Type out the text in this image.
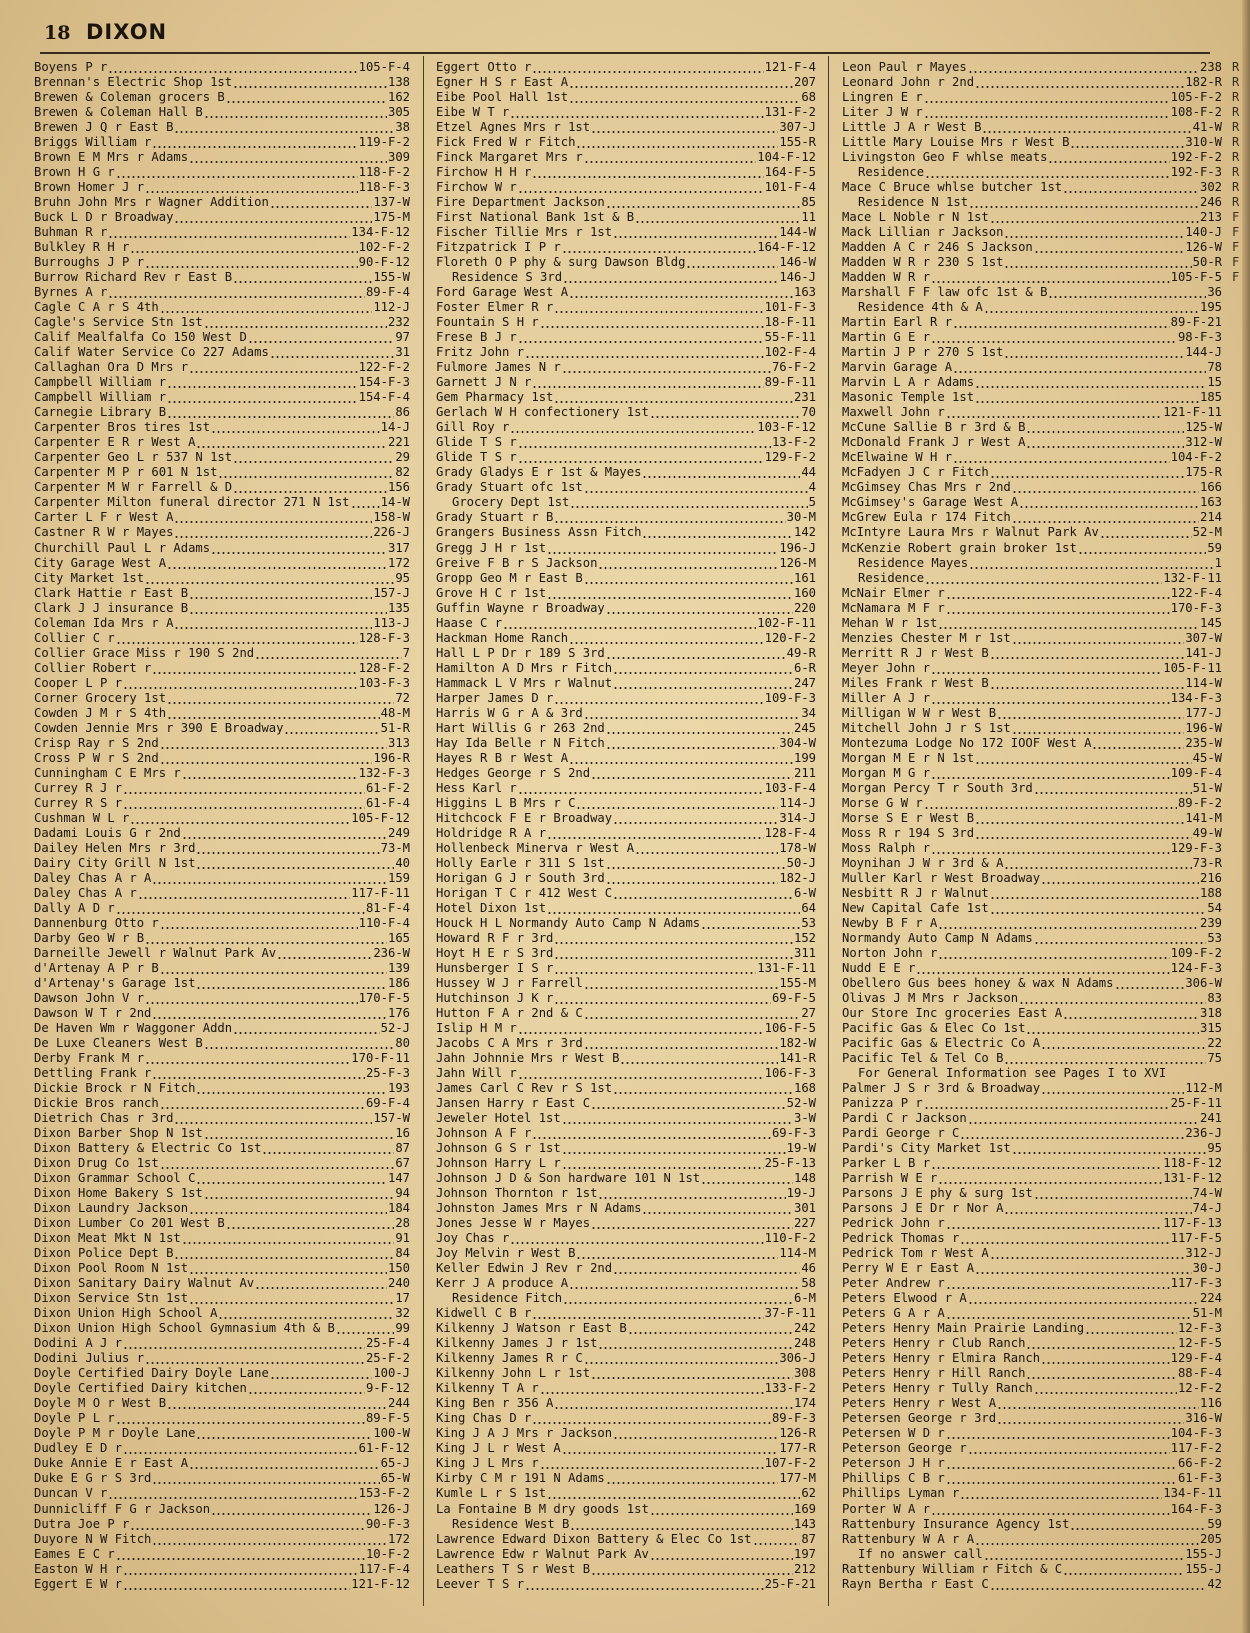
18 DIXON
Boyens P r	105-F-4
Brennan's Electric Shop 1st	138
Brewen & Coleman grocers B	162
Brewen & Coleman Hall B	305
Brewen J Q r East B	38
Briggs William r	119-F-2
Brown E M Mrs r Adams	309
Brown H G r	118-F-2
Brown Homer J r	118-F-3
Bruhn John Mrs r Wagner Addition	137-W
Buck L D r Broadway	175-M
Buhman R r	134-F-12
Bulkley R H r	102-F-2
Burroughs J P r	90-F-12
Burrow Richard Rev r East B	155-W
Byrnes A r	89-F-4
Cagle C A r S 4th	112-J
Cagle's Service Stn 1st	232
Calif Mealfalfa Co 150 West D	97
Calif Water Service Co 227 Adams	31
Callaghan Ora D Mrs r	122-F-2
Campbell William r	154-F-3
Campbell William r	154-F-4
Carnegie Library B	86
Carpenter Bros tires 1st	14-J
Carpenter E R r West A	221
Carpenter Geo L r 537 N 1st	29
Carpenter M P r 601 N 1st	82
Carpenter M W r Farrell & D	156
Carpenter Milton funeral director 271 N 1st	14-W
Carter L F r West A	158-W
Castner R W r Mayes	226-J
Churchill Paul L r Adams	317
City Garage West A	172
City Market 1st	95
Clark Hattie r East B	157-J
Clark J J insurance B	135
Coleman Ida Mrs r A	113-J
Collier C r	128-F-3
Collier Grace Miss r 190 S 2nd	7
Collier Robert r	128-F-2
Cooper L P r	103-F-3
Corner Grocery 1st	72
Cowden J M r S 4th	48-M
Cowden Jennie Mrs r 390 E Broadway	51-R
Crisp Ray r S 2nd	313
Cross P W r S 2nd	196-R
Cunningham C E Mrs r	132-F-3
Currey R J r	61-F-2
Currey R S r	61-F-4
Cushman W L r	105-F-12
Dadami Louis G r 2nd	249
Dailey Helen Mrs r 3rd	73-M
Dairy City Grill N 1st	40
Daley Chas A r A	159
Daley Chas A r	117-F-11
Dally A D r	81-F-4
Dannenburg Otto r	110-F-4
Darby Geo W r B	165
Darneille Jewell r Walnut Park Av	236-W
d'Artenay A P r B	139
d'Artenay's Garage 1st	186
Dawson John V r	170-F-5
Dawson W T r 2nd	176
De Haven Wm r Waggoner Addn	52-J
De Luxe Cleaners West B	80
Derby Frank M r	170-F-11
Dettling Frank r	25-F-3
Dickie Brock r N Fitch	193
Dickie Bros ranch	69-F-4
Dietrich Chas r 3rd	157-W
Dixon Barber Shop N 1st	16
Dixon Battery & Electric Co 1st	87
Dixon Drug Co 1st	67
Dixon Grammar School C	147
Dixon Home Bakery S 1st	94
Dixon Laundry Jackson	184
Dixon Lumber Co 201 West B	28
Dixon Meat Mkt N 1st	91
Dixon Police Dept B	84
Dixon Pool Room N 1st	150
Dixon Sanitary Dairy Walnut Av	240
Dixon Service Stn 1st	17
Dixon Union High School A	32
Dixon Union High School Gymnasium 4th & B	99
Dodini A J r	25-F-4
Dodini Julius r	25-F-2
Doyle Certified Dairy Doyle Lane	100-J
Doyle Certified Dairy kitchen	9-F-12
Doyle M O r West B	244
Doyle P L r	89-F-5
Doyle P M r Doyle Lane	100-W
Dudley E D r	61-F-12
Duke Annie E r East A	65-J
Duke E G r S 3rd	65-W
Duncan V r	153-F-2
Dunnicliff F G r Jackson	126-J
Dutra Joe P r	90-F-3
Duyore N W Fitch	172
Eames E C r	10-F-2
Easton W H r	117-F-4
Eggert E W r	121-F-12
Eggert Otto r	121-F-4
Egner H S r East A	207
Eibe Pool Hall 1st	68
Eibe W T r	131-F-2
Etzel Agnes Mrs r 1st	307-J
Fick Fred W r Fitch	155-R
Finck Margaret Mrs r	104-F-12
Firchow H H r	164-F-5
Firchow W r	101-F-4
Fire Department Jackson	85
First National Bank 1st & B	11
Fischer Tillie Mrs r 1st	144-W
Fitzpatrick I P r	164-F-12
Floreth O P phy & surg Dawson Bldg	146-W
Residence S 3rd	146-J
Ford Garage West A	163
Foster Elmer R r	101-F-3
Fountain S H r	18-F-11
Frese B J r	55-F-11
Fritz John r	102-F-4
Fulmore James N r	76-F-2
Garnett J N r	89-F-11
Gem Pharmacy 1st	231
Gerlach W H confectionery 1st	70
Gill Roy r	103-F-12
Glide T S r	13-F-2
Glide T S r	129-F-2
Grady Gladys E r 1st & Mayes	44
Grady Stuart ofc 1st	4
Grocery Dept 1st	5
Grady Stuart r B	30-M
Grangers Business Assn Fitch	142
Gregg J H r 1st	196-J
Greive F B r S Jackson	126-M
Gropp Geo M r East B	161
Grove H C r 1st	160
Guffin Wayne r Broadway	220
Haase C r	102-F-11
Hackman Home Ranch	120-F-2
Hall L P Dr r 189 S 3rd	49-R
Hamilton A D Mrs r Fitch	6-R
Hammack L V Mrs r Walnut	247
Harper James D r	109-F-3
Harris W G r A & 3rd	34
Hart Willis G r 263 2nd	245
Hay Ida Belle r N Fitch	304-W
Hayes R B r West A	199
Hedges George r S 2nd	211
Hess Karl r	103-F-4
Higgins L B Mrs r C	114-J
Hitchcock F E r Broadway	314-J
Holdridge R A r	128-F-4
Hollenbeck Minerva r West A	178-W
Holly Earle r 311 S 1st	50-J
Horigan G J r South 3rd	182-J
Horigan T C r 412 West C	6-W
Hotel Dixon 1st	64
Houck H L Normandy Auto Camp N Adams	53
Howard R F r 3rd	152
Hoyt H E r S 3rd	311
Hunsberger I S r	131-F-11
Hussey W J r Farrell	155-M
Hutchinson J K r	69-F-5
Hutton F A r 2nd & C	27
Islip H M r	106-F-5
Jacobs C A Mrs r 3rd	182-W
Jahn Johnnie Mrs r West B	141-R
Jahn Will r	106-F-3
James Carl C Rev r S 1st	168
Jansen Harry r East C	52-W
Jeweler Hotel 1st	3-W
Johnson A F r	69-F-3
Johnson G S r 1st	19-W
Johnson Harry L r	25-F-13
Johnson J D & Son hardware 101 N 1st	148
Johnson Thornton r 1st	19-J
Johnston James Mrs r N Adams	301
Jones Jesse W r Mayes	227
Joy Chas r	110-F-2
Joy Melvin r West B	114-M
Keller Edwin J Rev r 2nd	46
Kerr J A produce A	58
Residence Fitch	6-M
Kidwell C B r	37-F-11
Kilkenny J Watson r East B	242
Kilkenny James J r 1st	248
Kilkenny James R r C	306-J
Kilkenny John L r 1st	308
Kilkenny T A r	133-F-2
King Ben r 356 A	174
King Chas D r	89-F-3
King J A J Mrs r Jackson	126-R
King J L r West A	177-R
King J L Mrs r	107-F-2
Kirby C M r 191 N Adams	177-M
Kumle L r S 1st	62
La Fontaine B M dry goods 1st	169
Residence West B	143
Lawrence Edward Dixon Battery & Elec Co 1st	87
Lawrence Edw r Walnut Park Av	197
Leathers T S r West B	212
Leever T S r	25-F-21
Leon Paul r Mayes	238
Leonard John r 2nd	182-R
Lingren E r	105-F-2
Liter J W r	108-F-2
Little J A r West B	41-W
Little Mary Louise Mrs r West B	310-W
Livingston Geo F whlse meats	192-F-2
Residence	192-F-3
Mace C Bruce whlse butcher 1st	302
Residence N 1st	246
Mace L Noble r N 1st	213
Mack Lillian r Jackson	140-J
Madden A C r 246 S Jackson	126-W
Madden W R r 230 S 1st	50-R
Madden W R r	105-F-5
Marshall F F law ofc 1st & B	36
Residence 4th & A	195
Martin Earl R r	89-F-21
Martin G E r	98-F-3
Martin J P r 270 S 1st	144-J
Marvin Garage A	78
Marvin L A r Adams	15
Masonic Temple 1st	185
Maxwell John r	121-F-11
McCune Sallie B r 3rd & B	125-W
McDonald Frank J r West A	312-W
McElwaine W H r	104-F-2
McFadyen J C r Fitch	175-R
McGimsey Chas Mrs r 2nd	166
McGimsey's Garage West A	163
McGrew Eula r 174 Fitch	214
McIntyre Laura Mrs r Walnut Park Av	52-M
McKenzie Robert grain broker 1st	59
Residence Mayes	1
Residence	132-F-11
McNair Elmer r	122-F-4
McNamara M F r	170-F-3
Mehan W r 1st	145
Menzies Chester M r 1st	307-W
Merritt R J r West B	141-J
Meyer John r	105-F-11
Miles Frank r West B	114-W
Miller A J r	134-F-3
Milligan W W r West B	177-J
Mitchell John J r S 1st	196-W
Montezuma Lodge No 172 IOOF West A	235-W
Morgan M E r N 1st	45-W
Morgan M G r	109-F-4
Morgan Percy T r South 3rd	51-W
Morse G W r	89-F-2
Morse S E r West B	141-M
Moss R r 194 S 3rd	49-W
Moss Ralph r	129-F-3
Moynihan J W r 3rd & A	73-R
Muller Karl r West Broadway	216
Nesbitt R J r Walnut	188
New Capital Cafe 1st	54
Newby B F r A	239
Normandy Auto Camp N Adams	53
Norton John r	109-F-2
Nudd E E r	124-F-3
Obellero Gus bees honey & wax N Adams	306-W
Olivas J M Mrs r Jackson	83
Our Store Inc groceries East A	318
Pacific Gas & Elec Co 1st	315
Pacific Gas & Electric Co A	22
Pacific Tel & Tel Co B	75
For General Information see Pages I to XVI
Palmer J S r 3rd & Broadway	112-M
Panizza P r	25-F-11
Pardi C r Jackson	241
Pardi George r C	236-J
Pardi's City Market 1st	95
Parker L B r	118-F-12
Parrish W E r	131-F-12
Parsons J E phy & surg 1st	74-W
Parsons J E Dr r Nor A	74-J
Pedrick John r	117-F-13
Pedrick Thomas r	117-F-5
Pedrick Tom r West A	312-J
Perry W E r East A	30-J
Peter Andrew r	117-F-3
Peters Elwood r A	224
Peters G A r A	51-M
Peters Henry Main Prairie Landing	12-F-3
Peters Henry r Club Ranch	12-F-5
Peters Henry r Elmira Ranch	129-F-4
Peters Henry r Hill Ranch	88-F-4
Peters Henry r Tully Ranch	12-F-2
Peters Henry r West A	116
Petersen George r 3rd	316-W
Petersen W D r	104-F-3
Peterson George r	117-F-2
Peterson J H r	66-F-2
Phillips C B r	61-F-3
Phillips Lyman r	134-F-11
Porter W A r	164-F-3
Rattenbury Insurance Agency 1st	59
Rattenbury W A r A	205
If no answer call	155-J
Rattenbury William r Fitch & C	155-J
Rayn Bertha r East C	42
R
R
R
R
R
R
R
R
R
R
F
F
F
F
F
